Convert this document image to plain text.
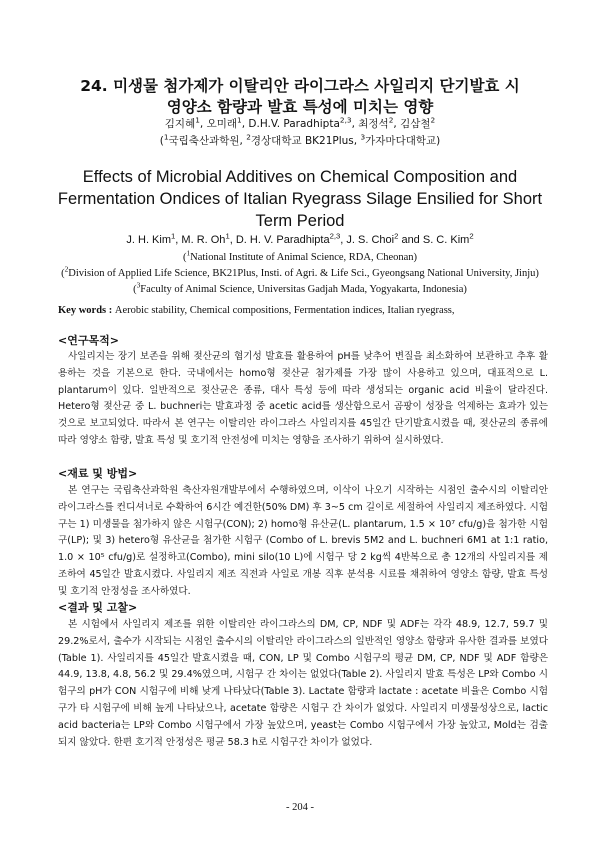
24. 미생물 첨가제가 이탈리안 라이그라스 사일리지 단기발효 시
영양소 함량과 발효 특성에 미치는 영향
김지혜$^1$, 오미래$^1$, D.H.V. Paradhipta$^{2,3}$, 최정석$^2$, 김삼철$^2$
($^1$국립축산과학원, $^2$경상대학교 BK21Plus, $^3$가자마다대학교)
Effects of Microbial Additives on Chemical Composition and
Fermentation Ondices of Italian Ryegrass Silage Ensilied for Short
Term Period
J. H. Kim$^1$, M. R. Oh$^1$, D. H. V. Paradhipta$^{2,3}$, J. S. Choi$^2$ and S. C. Kim$^2$
($^1$National Institute of Animal Science, RDA, Cheonan)
($^2$Division of Applied Life Science, BK21Plus, Insti. of Agri. & Life Sci., Gyeongsang National University, Jinju)
($^3$Faculty of Animal Science, Universitas Gadjah Mada, Yogyakarta, Indonesia)
Key words : Aerobic stability, Chemical compositions, Fermentation indices, Italian ryegrass,
<연구목적>

사일리지는 장기 보존을 위해 젖산균의 혐기성 발효를 활용하여 pH를 낮추어 변질을 최소화하여 보관하고 추후 활용하는 것을 기본으로 한다. 국내에서는 homo형 젖산균 첨가제를 가장 많이 사용하고 있으며, 대표적으로 L. plantarum이 있다. 일반적으로 젖산균은 종류, 대사 특성 등에 따라 생성되는 organic acid 비율이 달라진다. Hetero형 젖산균 중 L. buchneri는 발효과정 중 acetic acid를 생산함으로서 곰팡이 성장을 억제하는 효과가 있는 것으로 보고되었다. 따라서 본 연구는 이탈리안 라이그라스 사일리지를 45일간 단기발효시켰을 때, 젖산균의 종류에 따라 영양소 함량, 발효 특성 및 호기적 안전성에 미치는 영향을 조사하기 위하여 실시하였다.

<재료 및 방법>

본 연구는 국립축산과학원 축산자원개발부에서 수행하였으며, 이삭이 나오기 시작하는 시점인 출수시의 이탈리안 라이그라스를 컨디셔너로 수확하여 6시간 예건한(50% DM) 후 3~5 cm 길이로 세절하여 사일리지 제조하였다. 시험구는 1) 미생물을 첨가하지 않은 시험구(CON); 2) homo형 유산균(L. plantarum, 1.5 × 10⁷ cfu/g)을 첨가한 시험구(LP); 및 3) hetero형 유산균을 첨가한 시험구 (Combo of L. brevis 5M2 and L. buchneri 6M1 at 1:1 ratio, 1.0 × 10⁵ cfu/g)로 설정하고(Combo), mini silo(10 L)에 시험구 당 2 kg씩 4반복으로 총 12개의 사일리지를 제조하여 45일간 발효시켰다. 사일리지 제조 직전과 사일로 개봉 직후 분석용 시료를 채취하여 영양소 함량, 발효 특성 및 호기적 안정성을 조사하였다.

<결과 및 고찰>

본 시험에서 사일리지 제조를 위한 이탈리안 라이그라스의 DM, CP, NDF 및 ADF는 각각 48.9, 12.7, 59.7 및 29.2%로서, 출수가 시작되는 시점인 출수시의 이탈리안 라이그라스의 일반적인 영양소 함량과 유사한 결과를 보였다(Table 1). 사일리지를 45일간 발효시켰을 때, CON, LP 및 Combo 시험구의 평균 DM, CP, NDF 및 ADF 함량은 44.9, 13.8, 4.8, 56.2 및 29.4%였으며, 시험구 간 차이는 없었다(Table 2). 사일리지 발효 특성은 LP와 Combo 시험구의 pH가 CON 시험구에 비해 낮게 나타났다(Table 3). Lactate 함량과 lactate : acetate 비율은 Combo 시험구가 타 시험구에 비해 높게 나타났으나, acetate 함량은 시험구 간 차이가 없었다. 사일리지 미생물성상으로, lactic acid bacteria는 LP와 Combo 시험구에서 가장 높았으며, yeast는 Combo 시험구에서 가장 높았고, Mold는 검출되지 않았다. 한편 호기적 안정성은 평균 58.3 h로 시험구간 차이가 없었다.

- 204 -
